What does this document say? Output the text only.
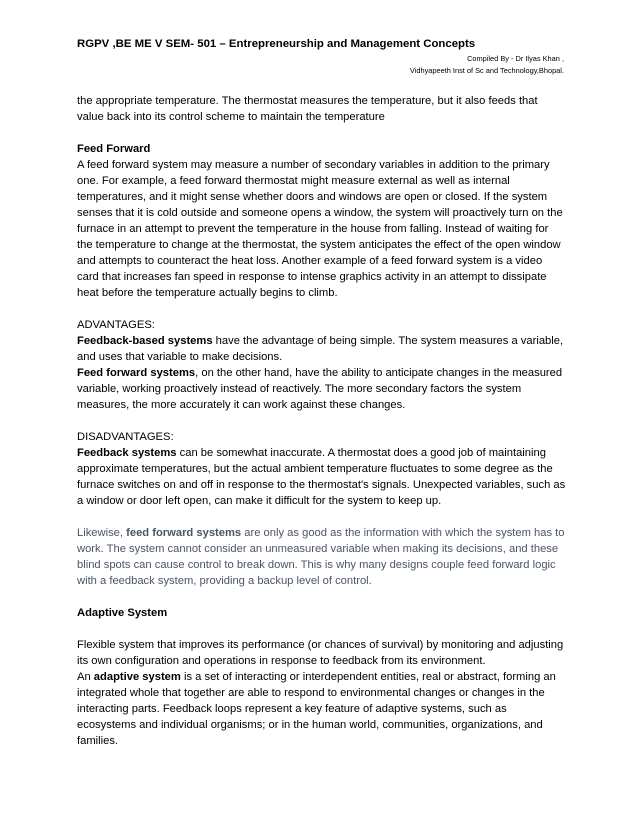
RGPV ,BE ME V SEM- 501 – Entrepreneurship and Management Concepts
Compiled By - Dr Ilyas Khan ,
Vidhyapeeth Inst of Sc and Technology,Bhopal.

the appropriate temperature. The thermostat measures the temperature, but it also feeds that value back into its control scheme to maintain the temperature

Feed Forward

A feed forward system may measure a number of secondary variables in addition to the primary one. For example, a feed forward thermostat might measure external as well as internal temperatures, and it might sense whether doors and windows are open or closed. If the system senses that it is cold outside and someone opens a window, the system will proactively turn on the furnace in an attempt to prevent the temperature in the house from falling. Instead of waiting for the temperature to change at the thermostat, the system anticipates the effect of the open window and attempts to counteract the heat loss. Another example of a feed forward system is a video card that increases fan speed in response to intense graphics activity in an attempt to dissipate heat before the temperature actually begins to climb.

ADVANTAGES:

Feedback-based systems have the advantage of being simple. The system measures a variable, and uses that variable to make decisions.

Feed forward systems, on the other hand, have the ability to anticipate changes in the measured variable, working proactively instead of reactively. The more secondary factors the system measures, the more accurately it can work against these changes.

DISADVANTAGES:

Feedback systems can be somewhat inaccurate. A thermostat does a good job of maintaining approximate temperatures, but the actual ambient temperature fluctuates to some degree as the furnace switches on and off in response to the thermostat's signals. Unexpected variables, such as a window or door left open, can make it difficult for the system to keep up.

Likewise, feed forward systems are only as good as the information with which the system has to work. The system cannot consider an unmeasured variable when making its decisions, and these blind spots can cause control to break down. This is why many designs couple feed forward logic with a feedback system, providing a backup level of control.

Adaptive System

Flexible system that improves its performance (or chances of survival) by monitoring and adjusting its own configuration and operations in response to feedback from its environment.

An adaptive system is a set of interacting or interdependent entities, real or abstract, forming an integrated whole that together are able to respond to environmental changes or changes in the interacting parts. Feedback loops represent a key feature of adaptive systems, such as ecosystems and individual organisms; or in the human world, communities, organizations, and families.
